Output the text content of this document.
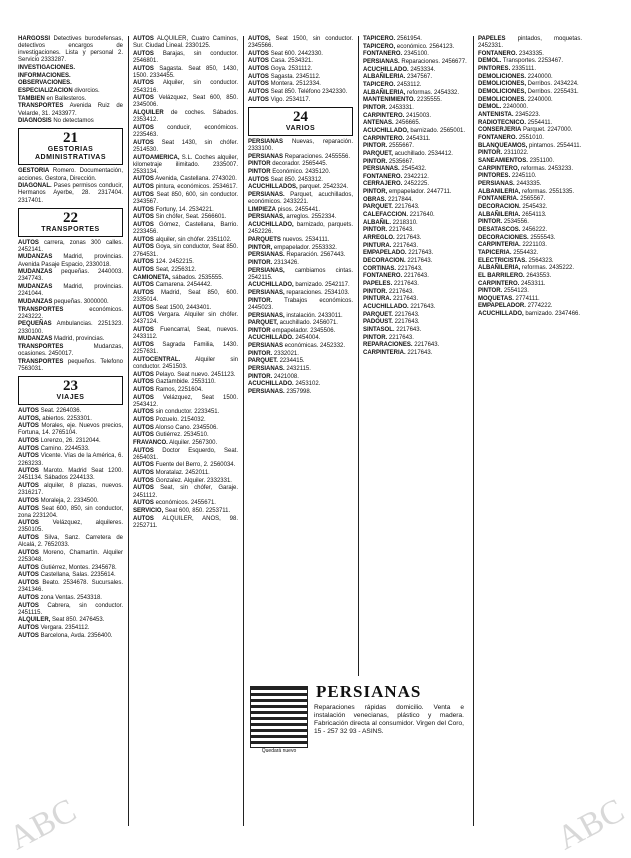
HARGOSSI Detectives burodefensas, detectivos encargos de investigaciones. Lista y personal 2. Servicio 2333287.

INVESTIGACIONES.

INFORMACIONES.

OBSERVACIONES.

ESPECIALIZACION divorcios.

TAMBIEN en Ballesteros.

TRANSPORTES Avenida Ruiz de Velarde, 31. 2433977.

DIAGNOSIS No detectamos

21
GESTORIAS ADMINISTRATIVAS

GESTORIA Romero. Documentación, acciones. Gestora, Dirección.

DIAGONAL. Pases permisos conducir, Hermanos Ayerbe, 28. 2317404. 2317401.

22
TRANSPORTES

AUTOS carrera, zonas 300 calles. 2452141.

MUDANZAS Madrid, provincias. Avenida Pasaje Espacio, 2330018.

MUDANZAS pequeñas. 2440003. 2347743.

MUDANZAS Madrid, provincias. 2241044.

MUDANZAS pequeñas. 3000000.

TRANSPORTES económicos. 2243222.

PEQUEÑAS Ambulancias. 2251323. 2330100.

MUDANZAS Madrid, provincias.

TRANSPORTES Mudanzas, ocasiones. 2450017.

TRANSPORTES pequeños. Telefono 7563031.

23
VIAJES

AUTOS Seat. 2264036.

AUTOS, abiertos. 2253301.

AUTOS Morales, eje. Nuevos precios, Fortuna, 14. 2765104.

AUTOS Lorenzo, 26. 2312044.

AUTOS Camino. 2244533.

AUTOS Vicente. Vías de la América, 6. 2263233.

AUTOS Maroto. Madrid Seat 1200. 2451134. Sábados 2244133.

AUTOS alquiler, 8 plazas, nuevos. 2316217.

AUTOS Moraleja, 2. 2334500.

AUTOS Seat 600, 850, sin conductor, zona 2231204.

AUTOS Velázquez, alquileres. 2350105.

AUTOS Silva, Sanz. Carretera de Alcalá, 2. 7652033.

AUTOS Moreno, Chamartín. Alquiler 2253048.

AUTOS Gutiérrez, Montes. 2345678.

AUTOS Castellana, Salas. 2235614.

AUTOS Beato. 2534678. Sucursales. 2341346.

AUTOS zona Ventas. 2543318.

AUTOS Cabrera, sin conductor. 2451115.

ALQUILER, Seat 850. 2476453.

AUTOS Vergara. 2354112.

AUTOS Barcelona, Avda. 2356400.

AUTOS ALQUILER, Cuatro Caminos, Sur. Ciudad Lineal. 2330125.

AUTOS Barajas, sin conductor. 2546801.

AUTOS Sagasta. Seat 850, 1430, 1500. 2334455.

AUTOS Alquiler, sin conductor. 2543216.

AUTOS Velázquez, Seat 600, 850. 2345006.

ALQUILER de coches. Sábados. 2353412.

AUTOS conducir, económicos. 2235463.

AUTOS Seat 1430, sin chófer. 2514530.

AUTOAMERICA, S.L. Coches alquiler, kilometraje ilimitado. 2335007. 2533134.

AUTOS Avenida, Castellana. 2743020.

AUTOS pintura, económicos. 2534617.

AUTOS Seat 850, 600, sin conductor. 2343567.

AUTOS Fortuny, 14. 2534221.

AUTOS Sin chófer, Seat. 2566601.

AUTOS Gómez, Castellana, Barrio. 2233456.

AUTOS alquiler, sin chófer. 2351102.

AUTOS Goya, sin conductor, Seat 850. 2764531.

AUTOS 124. 2452215.

AUTOS Seat, 2256312.

CAMIONETA, sábados. 2535555.

AUTOS Camarena. 2454442.

AUTOS Madrid, Seat 850, 600. 2335014.

AUTOS Seat 1500, 2443401.

AUTOS Vergara. Alquiler sin chófer. 2437124.

AUTOS Fuencarral, Seat, nuevos. 2433112.

AUTOS Sagrada Familia, 1430. 2257631.

AUTOCENTRAL. Alquiler sin conductor. 2451503.

AUTOS Pelayo. Seat nuevo. 2451123.

AUTOS Gaztambide. 2553110.

AUTOS Ramos, 2251604.

AUTOS Velázquez, Seat 1500. 2543412.

AUTOS sin conductor. 2233451.

AUTOS Pozuelo. 2154032.

AUTOS Alonso Cano. 2345506.

AUTOS Gutiérrez. 2534510.

FRAVANCO. Alquiler. 2567300.

AUTOS Doctor Esquerdo, Seat. 2654031.

AUTOS Fuente del Berro, 2. 2560034.

AUTOS Moratalaz. 2452011.

AUTOS Gonzalez. Alquiler. 2332331.

AUTOS Seat, sin chófer, Garaje. 2451112.

AUTOS económicos. 2455671.

SERVICIO, Seat 600, 850. 2253711.

AUTOS ALQUILER, ANOS, 98. 2252711.

AUTOS, Seat 1500, sin conductor. 2345566.

AUTOS Seat 600. 2442330.

AUTOS Casa. 2534321.

AUTOS Goya. 2531112.

AUTOS Sagasta. 2345112.

AUTOS Montera. 2512334.

AUTOS Seat 850. Teléfono 2342330.

AUTOS Vigo. 2534117.

24
VARIOS

PERSIANAS Nuevas, reparación. 2333100.

PERSIANAS Reparaciones. 2455556.

PINTOR decorador. 2565445.

PINTOR Económico. 2435120.

AUTOS Seat 850. 2453312.

ACUCHILLADOS, parquet. 2542324.

PERSIANAS. Parquet, acuchillados, económicos. 2433221.

LIMPIEZA pisos. 2455441.

PERSIANAS, arreglos. 2552334.

ACUCHILLADO, barnizado, parquets. 2452226.

PARQUETS nuevos. 2534111.

PINTOR, empapelador. 2553332.

PERSIANAS. Reparación. 2567443.

PINTOR. 2313426.

PERSIANAS, cambiamos cintas. 2542115.

ACUCHILLADO, barnizado. 2542117.

PERSIANAS, reparaciones. 2534103.

PINTOR. Trabajos económicos. 2445023.

PERSIANAS, instalación. 2433011.

PARQUET, acuchillado. 2456071.

PINTOR empapelador. 2345506.

ACUCHILLADO. 2454004.

PERSIANAS económicas. 2452332.

PINTOR. 2332021.

PARQUET. 2234415.

PERSIANAS. 2432115.

PINTOR. 2421008.

ACUCHILLADO. 2453102.

PERSIANAS. 2357998.

TAPICERO. 2561954.

TAPICERO, económico. 2564123.

FONTANERO. 2345100.

PERSIANAS. Reparaciones. 2456677.

ACUCHILLADO. 2453334.

ALBAÑILERIA. 2347567.

TAPICERO. 2453112.

ALBAÑILERIA, reformas. 2454332.

MANTENIMIENTO. 2235555.

PINTOR. 2453331.

CARPINTERO. 2415003.

ANTENAS. 2456665.

ACUCHILLADO, barnizado. 2565001.

CARPINTERO. 2454311.

PINTOR. 2555667.

PARQUET, acuchillado. 2534412.

PINTOR. 2535667.

PERSIANAS. 2545432.

FONTANERO. 2342212.

CERRAJERO. 2452225.

PINTOR, empapelador. 2447711.

OBRAS. 2217844.

PARQUET. 2217643.

CALEFACCION. 2217640.

ALBAÑIL. 2218310.

PINTOR. 2217643.

ARREGLO. 2217643.

PINTURA. 2217643.

EMPAPELADO. 2217643.

DECORACION. 2217643.

CORTINAS. 2217643.

FONTANERO. 2217643.

PAPELES. 2217643.

PINTOR. 2217643.

PINTURA. 2217643.

ACUCHILLADO. 2217643.

PARQUET. 2217643.

PADOUST. 2217643.

SINTASOL. 2217643.

PINTOR. 2217643.

REPARACIONES. 2217643.

CARPINTERIA. 2217643.

PAPELES pintados, moquetas. 2452331.

FONTANERO. 2343335.

DEMOL. Transportes. 2253467.

PINTORES. 2335111.

DEMOLICIONES. 2240000.

DEMOLICIONES, Derribos. 2434224.

DEMOLICIONES, Derribos. 2255431.

DEMOLICIONES. 2240000.

DEMOL. 2240000.

ANTENISTA. 2345223.

RADIOTECNICO. 2554411.

CONSERJERIA Parquet. 2247000.

FONTANERO. 2551010.

BLANQUEAMOS, pintamos. 2554411.

PINTOR. 2311022.

SANEAMIENTOS. 2351100.

CARPINTERO, reformas. 2453233.

PINTORES. 2245110.

PERSIANAS. 2443335.

ALBANILERIA, reformas. 2551335.

FONTANERIA. 2565567.

DECORACION. 2545432.

ALBAÑILERIA. 2654113.

PINTOR. 2534556.

DESATASCOS. 2456222.

DECORACIONES. 2555543.

CARPINTERIA. 2221103.

TAPICERIA. 2554432.

ELECTRICISTAS. 2564323.

ALBAÑILERIA, reformas. 2435222.

EL BARRILERO. 2643553.

CARPINTERO. 2453311.

PINTOR. 2554123.

MOQUETAS. 2774111.

EMPAPELADOR. 2774222.

ACUCHILLADO, barnizado. 2347466.

Quedará nuevo
PERSIANAS
Reparaciones rápidas domicilio. Venta e instalación venecianas, plástico y madera. Fabricación directa al consumidor. Virgen del Coro, 15 - 257 32 93 - ASINS.
ABC	ABC
